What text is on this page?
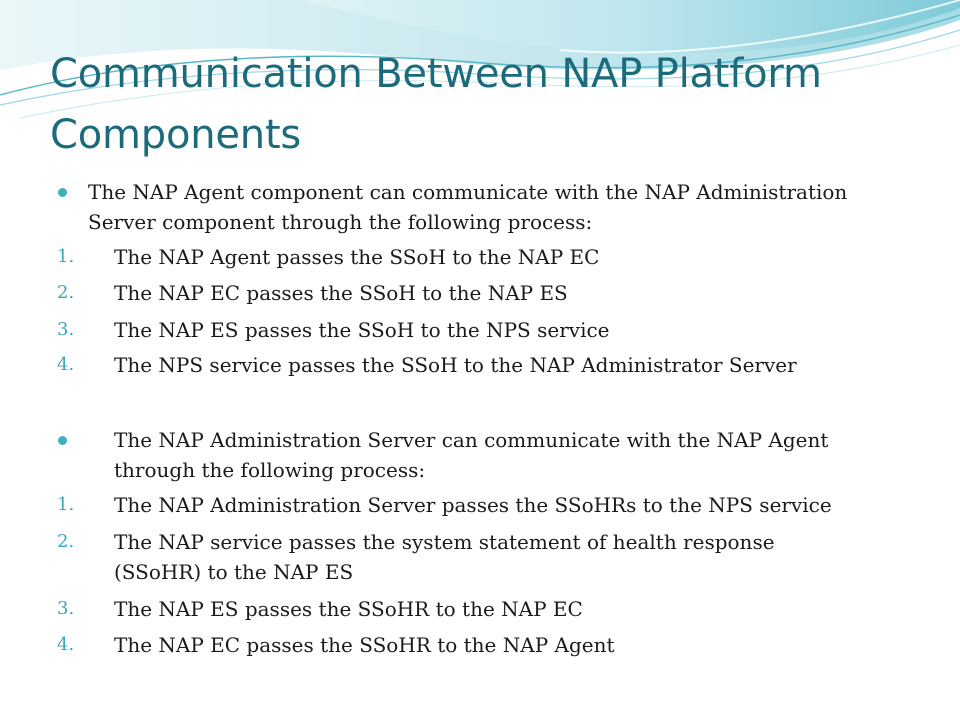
Communication Between NAP Platform Components
The NAP Agent component can communicate with the NAP Administration Server component through the following process:
1.	The NAP Agent passes the SSoH to the NAP EC
2.	The NAP EC passes the SSoH to the NAP ES
3.	The NAP ES passes the SSoH to the NPS service
4.	The NPS service passes the SSoH to the NAP Administrator Server
The NAP Administration Server can communicate with the NAP Agent through the following process:
1.	The NAP Administration Server passes the SSoHRs to the NPS service
2.	The NAP service passes the system statement of health response (SSoHR) to the NAP ES
3.	The NAP ES passes the SSoHR to the NAP EC
4.	The NAP EC passes the SSoHR to the NAP Agent
